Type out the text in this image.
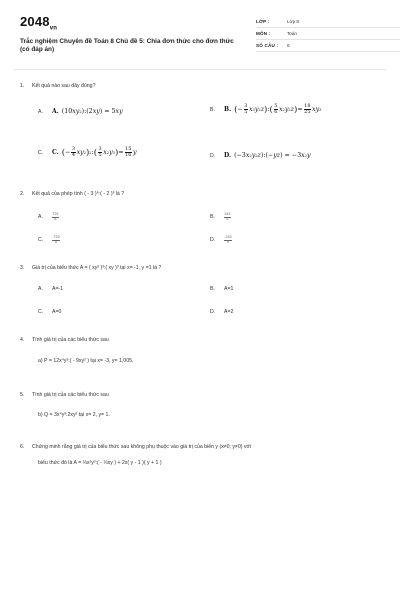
$2048_{vn}$
Trắc nghiệm Chuyên đề Toán 8 Chủ đề 5: Chia đơn thức cho đơn thức (có đáp án)
LỚP :	Lớp 8
MÔN :	Toán
SỐ CÂU :	6
1. Kết quả nào sau đây đúng?
A.	A. (10 xy 2 ):(2 xy ) = 5 xy	B.	B. ( −
3
5 x 3 y 2 z ) : ( 5
6 x 2 y 2 z ) =
18
25 xy 3
C.	C. ( −
3
4 xy 2 ) 2 : ( 3
5 x 2 y 3 ) =
15
16 y	D.	D. (−3 x 2 y 2 z ):(− yz ) = −3 x 2 y
2. Kết quả của phép tính ( - 3 )⁶:( - 2 )³ là ?
A.
729
8	B.
243
8
C.
-729
8	D.
-243
8
3. Giá trị của biểu thức A = ( xy² )³:( xy )³ tại x= -1, y =1 là ?
A.	A=-1	B.	A=1
C.	A=0	D.	A=2
4. Tính giá trị của các biểu thức sau
a) P = 12x⁴y²:( - 9xy² ) tại x= -3, y= 1,005.
5. Tính giá trị của các biểu thức sau
b) Q = 3x⁴y³:2xy² tại x= 2, y= 1.
6. Chứng minh rằng giá trị của biểu thức sau không phụ thuộc vào giá trị của biến y (x≠0; y≠0) với
biểu thức đó là A = ⅔x²y³:( - ⅓xy ) + 2x( y - 1 )( y + 1 )
